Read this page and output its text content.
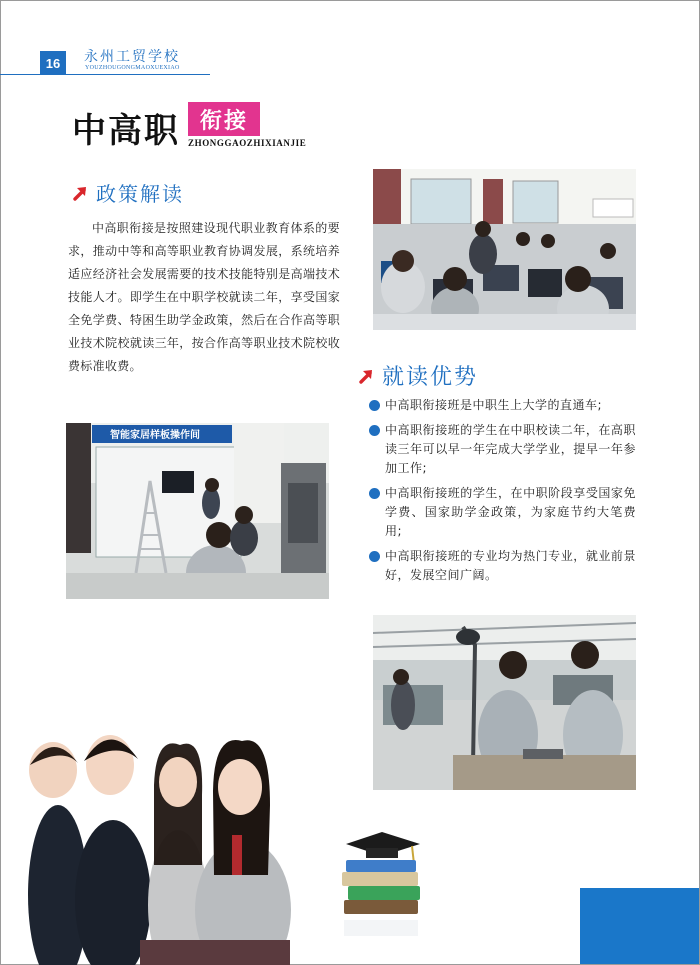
16	永州工贸学校
YOUZHOUGONGMAOXUEXIAO
中高职 衔接
ZHONGGAOZHIXIANJIE
政策解读

中高职衔接是按照建设现代职业教育体系的要求，推动中等和高等职业教育协调发展，系统培养适应经济社会发展需要的技术技能特别是高端技术技能人才。即学生在中职学校就读二年，享受国家全免学费、特困生助学金政策，然后在合作高等职业技术院校就读三年，按合作高等职业技术院校收费标准收费。	就读优势
中高职衔接班是中职生上大学的直通车;
中高职衔接班的学生在中职校读二年，在高职读三年可以早一年完成大学学业，提早一年参加工作;
中高职衔接班的学生，在中职阶段享受国家免学费、国家助学金政策，为家庭节约大笔费用;
中高职衔接班的专业均为热门专业，就业前景好，发展空间广阔。
智能家居样板操作间
